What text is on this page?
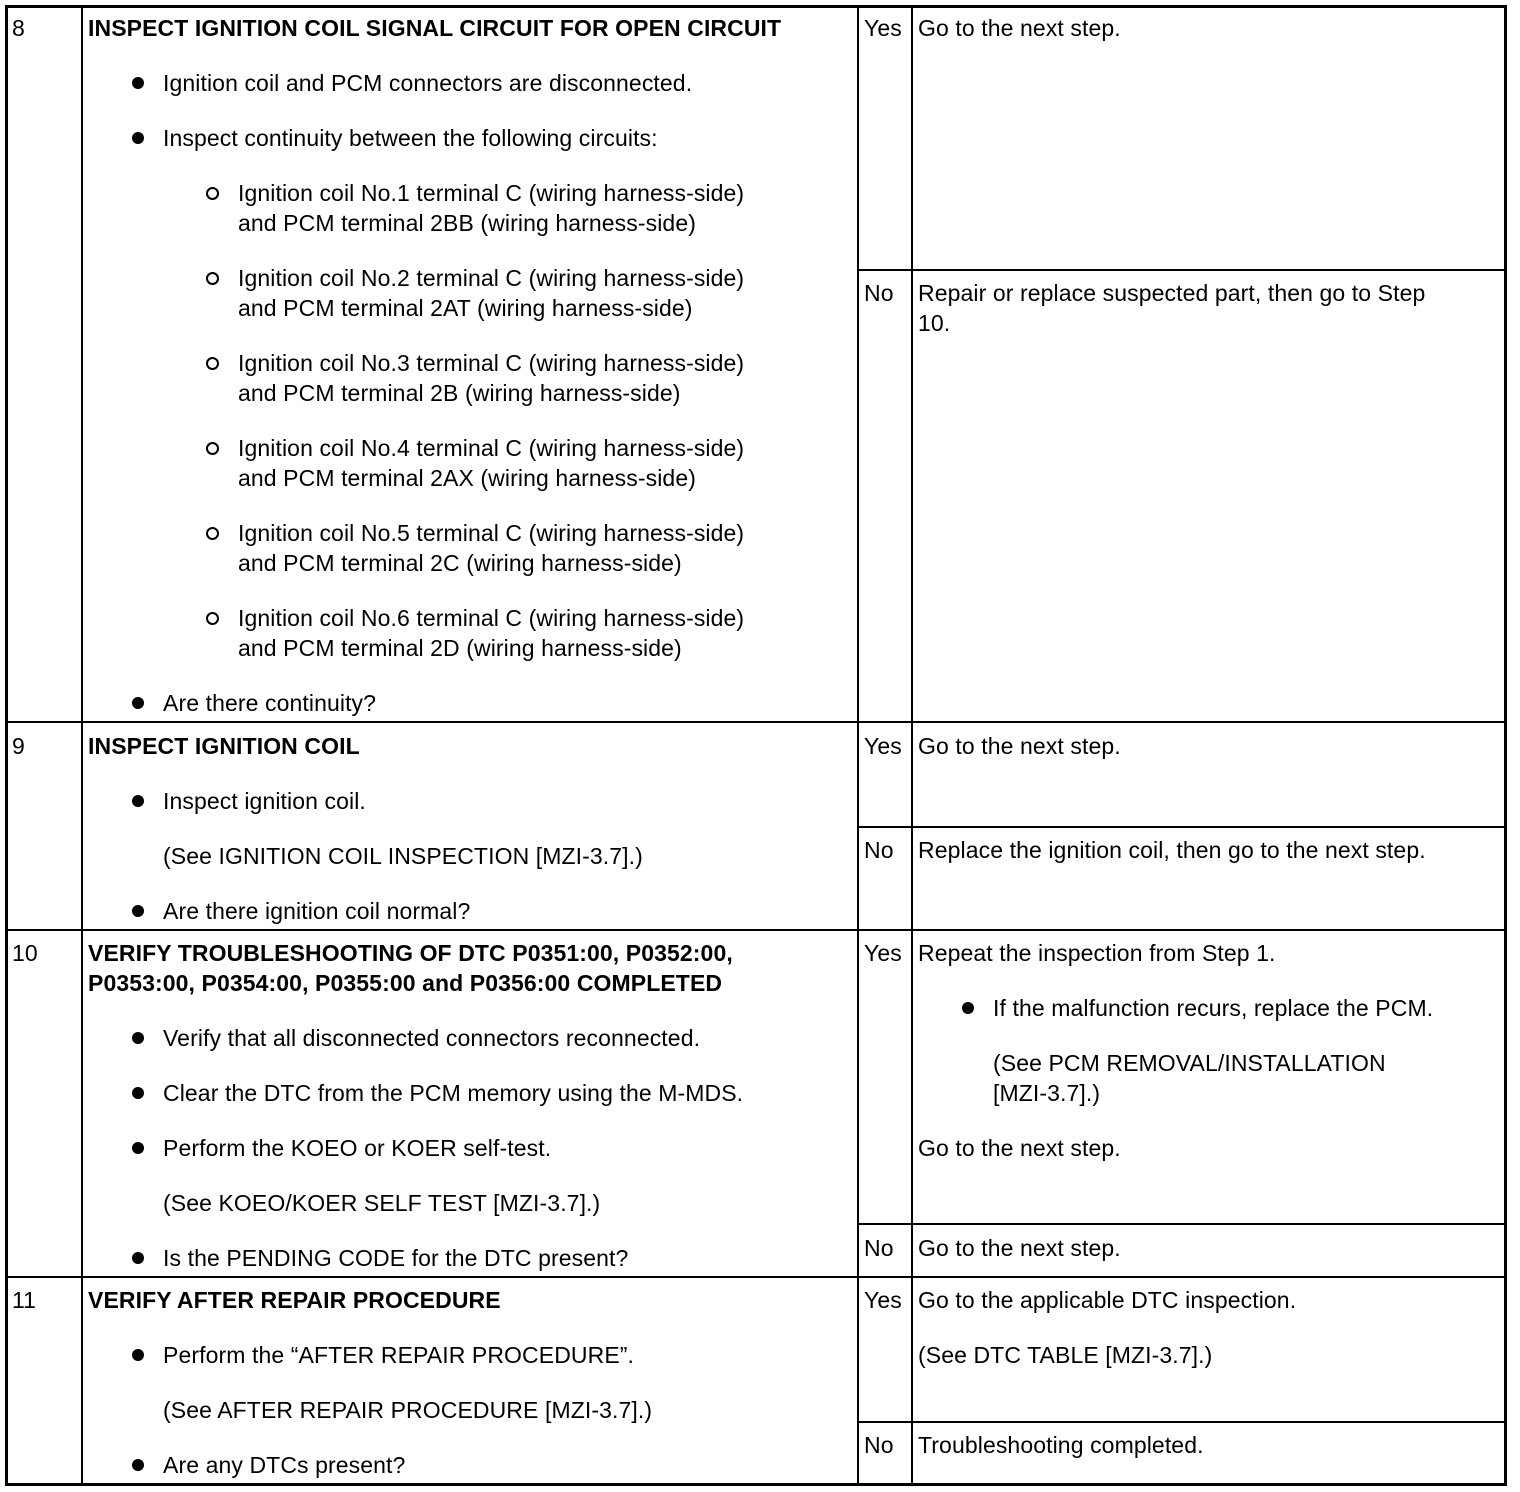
8	INSPECT IGNITION COIL SIGNAL CIRCUIT FOR OPEN CIRCUIT
Ignition coil and PCM connectors are disconnected.
Inspect continuity between the following circuits:
Ignition coil No.1 terminal C (wiring harness-side)
and PCM terminal 2BB (wiring harness-side)
Ignition coil No.2 terminal C (wiring harness-side)
and PCM terminal 2AT (wiring harness-side)
Ignition coil No.3 terminal C (wiring harness-side)
and PCM terminal 2B (wiring harness-side)
Ignition coil No.4 terminal C (wiring harness-side)
and PCM terminal 2AX (wiring harness-side)
Ignition coil No.5 terminal C (wiring harness-side)
and PCM terminal 2C (wiring harness-side)
Ignition coil No.6 terminal C (wiring harness-side)
and PCM terminal 2D (wiring harness-side)
Are there continuity?
Yes Go to the next step.
No Repair or replace suspected part, then go to Step
10.
9	INSPECT IGNITION COIL
Inspect ignition coil.
(See IGNITION COIL INSPECTION [MZI-3.7].)
Are there ignition coil normal?
Yes Go to the next step.
No Replace the ignition coil, then go to the next step.
10 VERIFY TROUBLESHOOTING OF DTC P0351:00, P0352:00,
P0353:00, P0354:00, P0355:00 and P0356:00 COMPLETED
Verify that all disconnected connectors reconnected.
Clear the DTC from the PCM memory using the M-MDS.
Perform the KOEO or KOER self-test.
(See KOEO/KOER SELF TEST [MZI-3.7].)
Is the PENDING CODE for the DTC present?
Yes Repeat the inspection from Step 1.
If the malfunction recurs, replace the PCM.
(See PCM REMOVAL/INSTALLATION
[MZI-3.7].)
Go to the next step.
No Go to the next step.
11 VERIFY AFTER REPAIR PROCEDURE
Perform the “AFTER REPAIR PROCEDURE”.
(See AFTER REPAIR PROCEDURE [MZI-3.7].)
Are any DTCs present?
Yes Go to the applicable DTC inspection.
(See DTC TABLE [MZI-3.7].)
No Troubleshooting completed.
